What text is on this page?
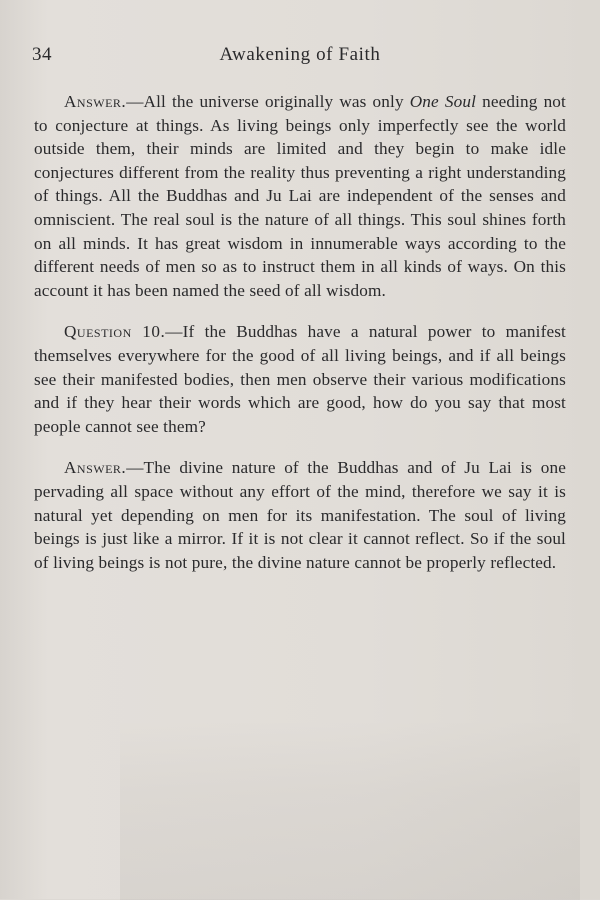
34	Awakening of Faith

Answer.—All the universe originally was only One Soul needing not to conjecture at things. As living beings only imperfectly see the world outside them, their minds are limited and they begin to make idle conjectures different from the reality thus preventing a right understanding of things. All the Buddhas and Ju Lai are independent of the senses and omniscient. The real soul is the nature of all things. This soul shines forth on all minds. It has great wisdom in innumerable ways according to the different needs of men so as to instruct them in all kinds of ways. On this account it has been named the seed of all wisdom.

Question 10.—If the Buddhas have a natural power to manifest themselves everywhere for the good of all living beings, and if all beings see their manifested bodies, then men observe their various modifications and if they hear their words which are good, how do you say that most people cannot see them?

Answer.—The divine nature of the Buddhas and of Ju Lai is one pervading all space without any effort of the mind, therefore we say it is natural yet depending on men for its manifestation. The soul of living beings is just like a mirror. If it is not clear it cannot reflect. So if the soul of living beings is not pure, the divine nature cannot be properly reflected.
